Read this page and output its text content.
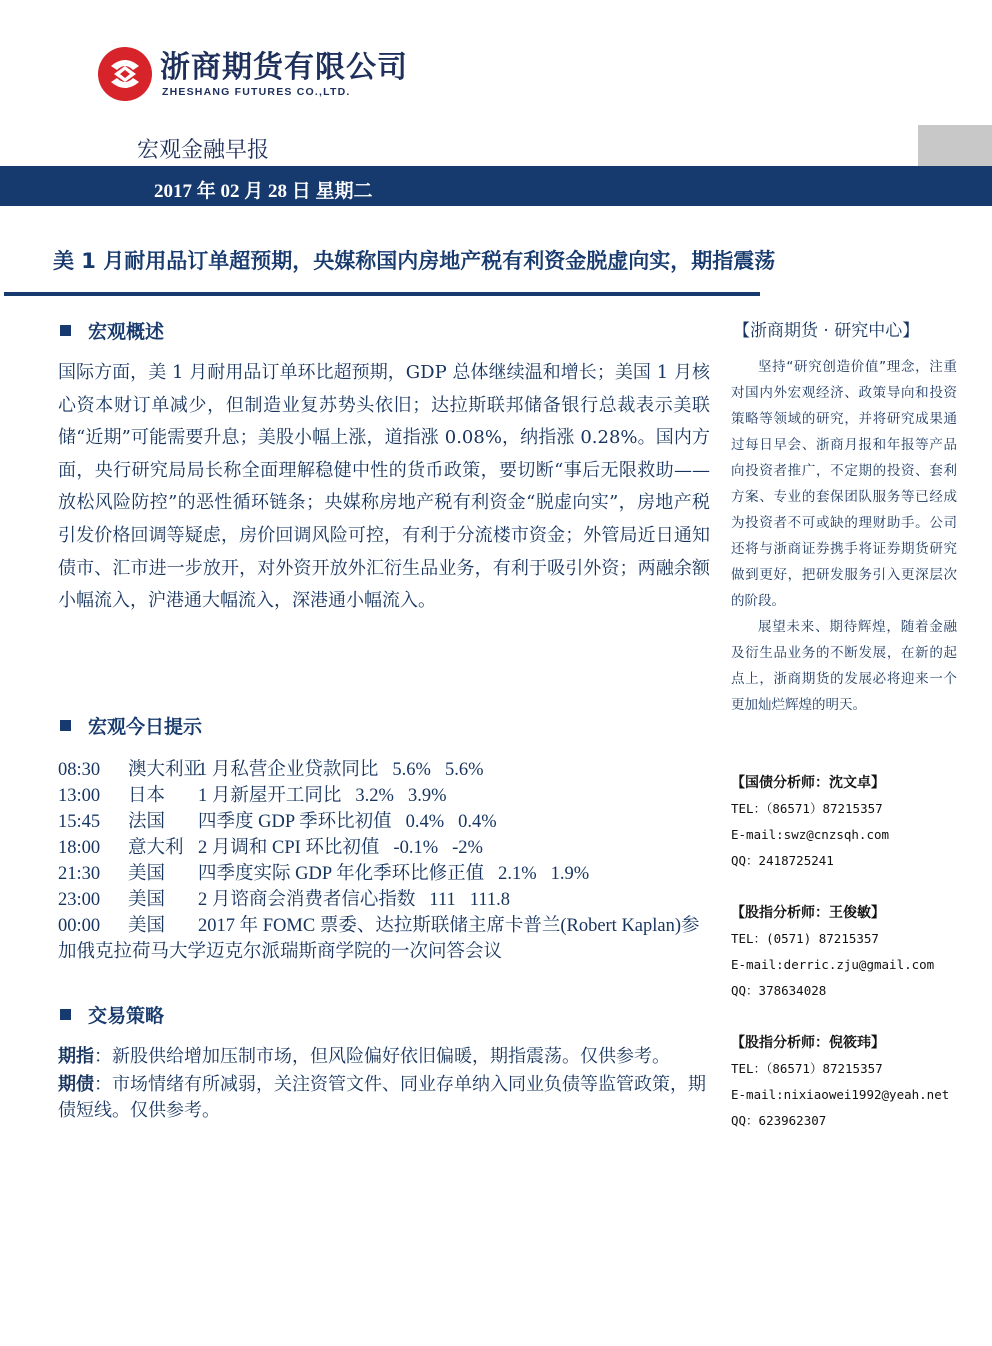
浙商期货有限公司
ZHESHANG FUTURES CO.,LTD.
宏观金融早报
2017 年 02 月 28 日 星期二
美 1 月耐用品订单超预期，央媒称国内房地产税有利资金脱虚向实，期指震荡
宏观概述
国际方面，美 1 月耐用品订单环比超预期，GDP 总体继续温和增长；美国 1 月核心资本财订单减少，但制造业复苏势头依旧；达拉斯联邦储备银行总裁表示美联储“近期”可能需要升息；美股小幅上涨，道指涨 0.08%，纳指涨 0.28%。国内方面，央行研究局局长称全面理解稳健中性的货币政策，要切断“事后无限救助——放松风险防控”的恶性循环链条；央媒称房地产税有利资金“脱虚向实”，房地产税引发价格回调等疑虑，房价回调风险可控，有利于分流楼市资金；外管局近日通知债市、汇市进一步放开，对外资开放外汇衍生品业务，有利于吸引外资；两融余额小幅流入，沪港通大幅流入，深港通小幅流入。
宏观今日提示
08:30 澳大利亚1 月私营企业贷款同比 5.6% 5.6%
13:00 日本 1 月新屋开工同比 3.2% 3.9%
15:45 法国 四季度 GDP 季环比初值 0.4% 0.4%
18:00 意大利 2 月调和 CPI 环比初值 -0.1% -2%
21:30 美国 四季度实际 GDP 年化季环比修正值 2.1% 1.9%
23:00 美国 2 月谘商会消费者信心指数 111 111.8
00:00 美国 2017 年 FOMC 票委、达拉斯联储主席卡普兰(Robert Kaplan)参加俄克拉荷马大学迈克尔派瑞斯商学院的一次问答会议
交易策略
期指：新股供给增加压制市场，但风险偏好依旧偏暖，期指震荡。仅供参考。
期债：市场情绪有所减弱，关注资管文件、同业存单纳入同业负债等监管政策，期债短线。仅供参考。
【浙商期货 · 研究中心】
坚持“研究创造价值”理念，注重对国内外宏观经济、政策导向和投资策略等领域的研究，并将研究成果通过每日早会、浙商月报和年报等产品向投资者推广，不定期的投资、套利方案、专业的套保团队服务等已经成为投资者不可或缺的理财助手。公司还将与浙商证券携手将证券期货研究做到更好，把研发服务引入更深层次的阶段。
展望未来、期待辉煌，随着金融及衍生品业务的不断发展，在新的起点上，浙商期货的发展必将迎来一个更加灿烂辉煌的明天。
【国债分析师：沈文卓】
TEL：（86571）87215357
E-mail:swz@cnzsqh.com
QQ：2418725241
【股指分析师：王俊敏】
TEL：(0571) 87215357
E-mail:derric.zju@gmail.com
QQ：378634028
【股指分析师：倪筱玮】
TEL：（86571）87215357
E-mail:nixiaowei1992@yeah.net
QQ：623962307
